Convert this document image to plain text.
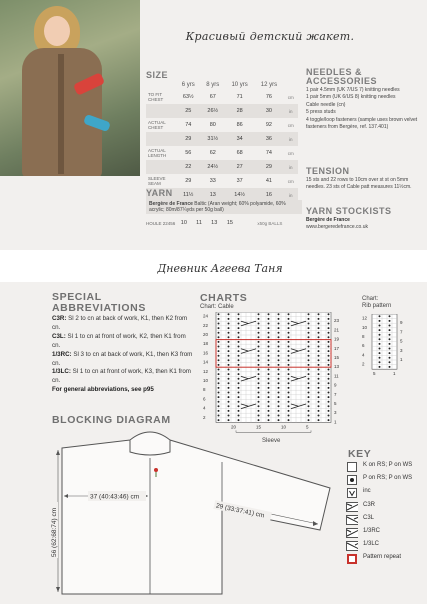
Красивый детский жакет.
SIZE
	6 yrs	8 yrs	10 yrs	12 yrs	
TO FIT CHEST	63½	67	71	76	cm
	25	26½	28	30	in
ACTUAL CHEST	74	80	86	92	cm
	29	31½	34	36	in
ACTUAL LENGTH	56	62	68	74	cm
	22	24½	27	29	in
SLEEVE SEAM	29	33	37	41	cm
	11½	13	14½	16	in
NEEDLES & ACCESSORIES
1 pair 4.5mm (UK 7/US 7) knitting needles
1 pair 5mm (UK 6/US 8) knitting needles
Cable needle (cn)
5 press studs
4 toggle/loop fasteners (sample uses brown velvet fasteners from Bergère, ref. 137.401)
TENSION
15 sts and 22 rows to 10cm over st st on 5mm needles. 23 sts of Cable patt measures 11½cm.
YARN STOCKISTS
Bergère de France
www.bergeredefrance.co.uk
YARN
Bergère de France Baltic (Aran weight; 60% polyamide, 60% acrylic; 80m/87¼yds per 50g ball)
HOULE 22456	10	11	13	15	x50g BALLS
Дневник Агеева Таня
SPECIAL
ABBREVIATIONS
C3R: Sl 2 to cn at back of work, K1, then K2 from cn.
C3L: Sl 1 to cn at front of work, K2, then K1 from cn.
1/3RC: Sl 3 to cn at back of work, K1, then K3 from cn.
1/3LC: Sl 1 to cn at front of work, K3, then K1 from cn.
For general abbreviations, see p95
BLOCKING DIAGRAM
CHARTS
Chart: Cable
Chart:
Rib pattern
24
22
20
18
16
14
12
10
8
6
4
2
23
21
19
17
15
13
11
9
7
5
3
1
20	15	10	5
12
10
8
6
4
2
9
7
5
3
1
5	1
Sleeve
KEY
K on RS; P on WS
P on RS; P on WS
inc
C3R
C3L
1/3RC
1/3LC
Pattern repeat
37 (40:43:46) cm
29 (33:37:41) cm
56 (62:68:74) cm
